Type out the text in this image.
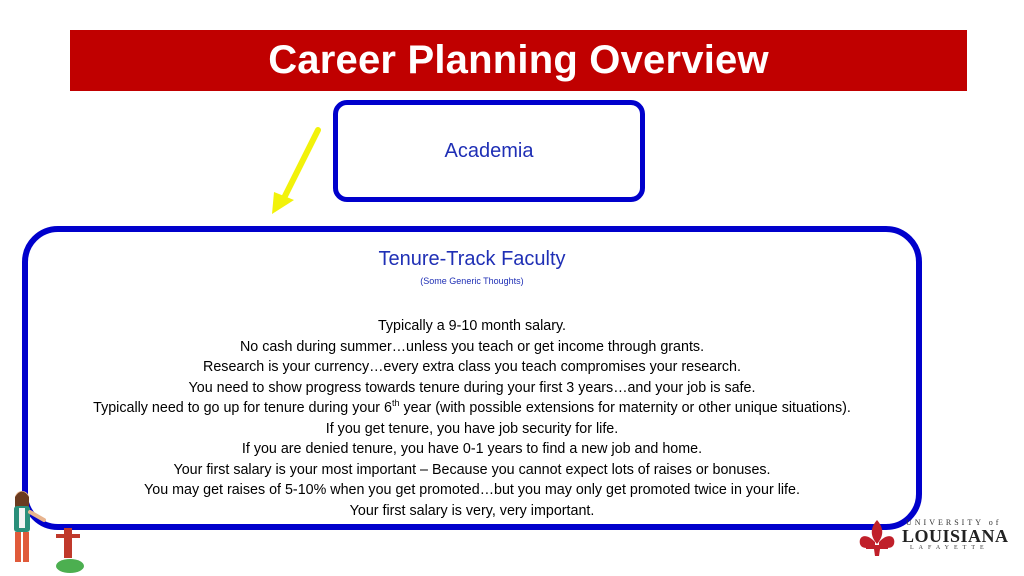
Career Planning Overview
Academia
Tenure-Track Faculty
(Some Generic Thoughts)
Typically a 9-10 month salary.
No cash during summer…unless you teach or get income through grants.
Research is your currency…every extra class you teach compromises your research.
You need to show progress towards tenure during your first 3 years…and your job is safe.
Typically need to go up for tenure during your 6th year (with possible extensions for maternity or other unique situations).
If you get tenure, you have job security for life.
If you are denied tenure, you have 0-1 years to find a new job and home.
Your first salary is your most important – Because you cannot expect lots of raises or bonuses.
You may get raises of 5-10% when you get promoted…but you may only get promoted twice in your life.
Your first salary is very, very important.
UNIVERSITY of
LOUISIANA
LAFAYETTE
